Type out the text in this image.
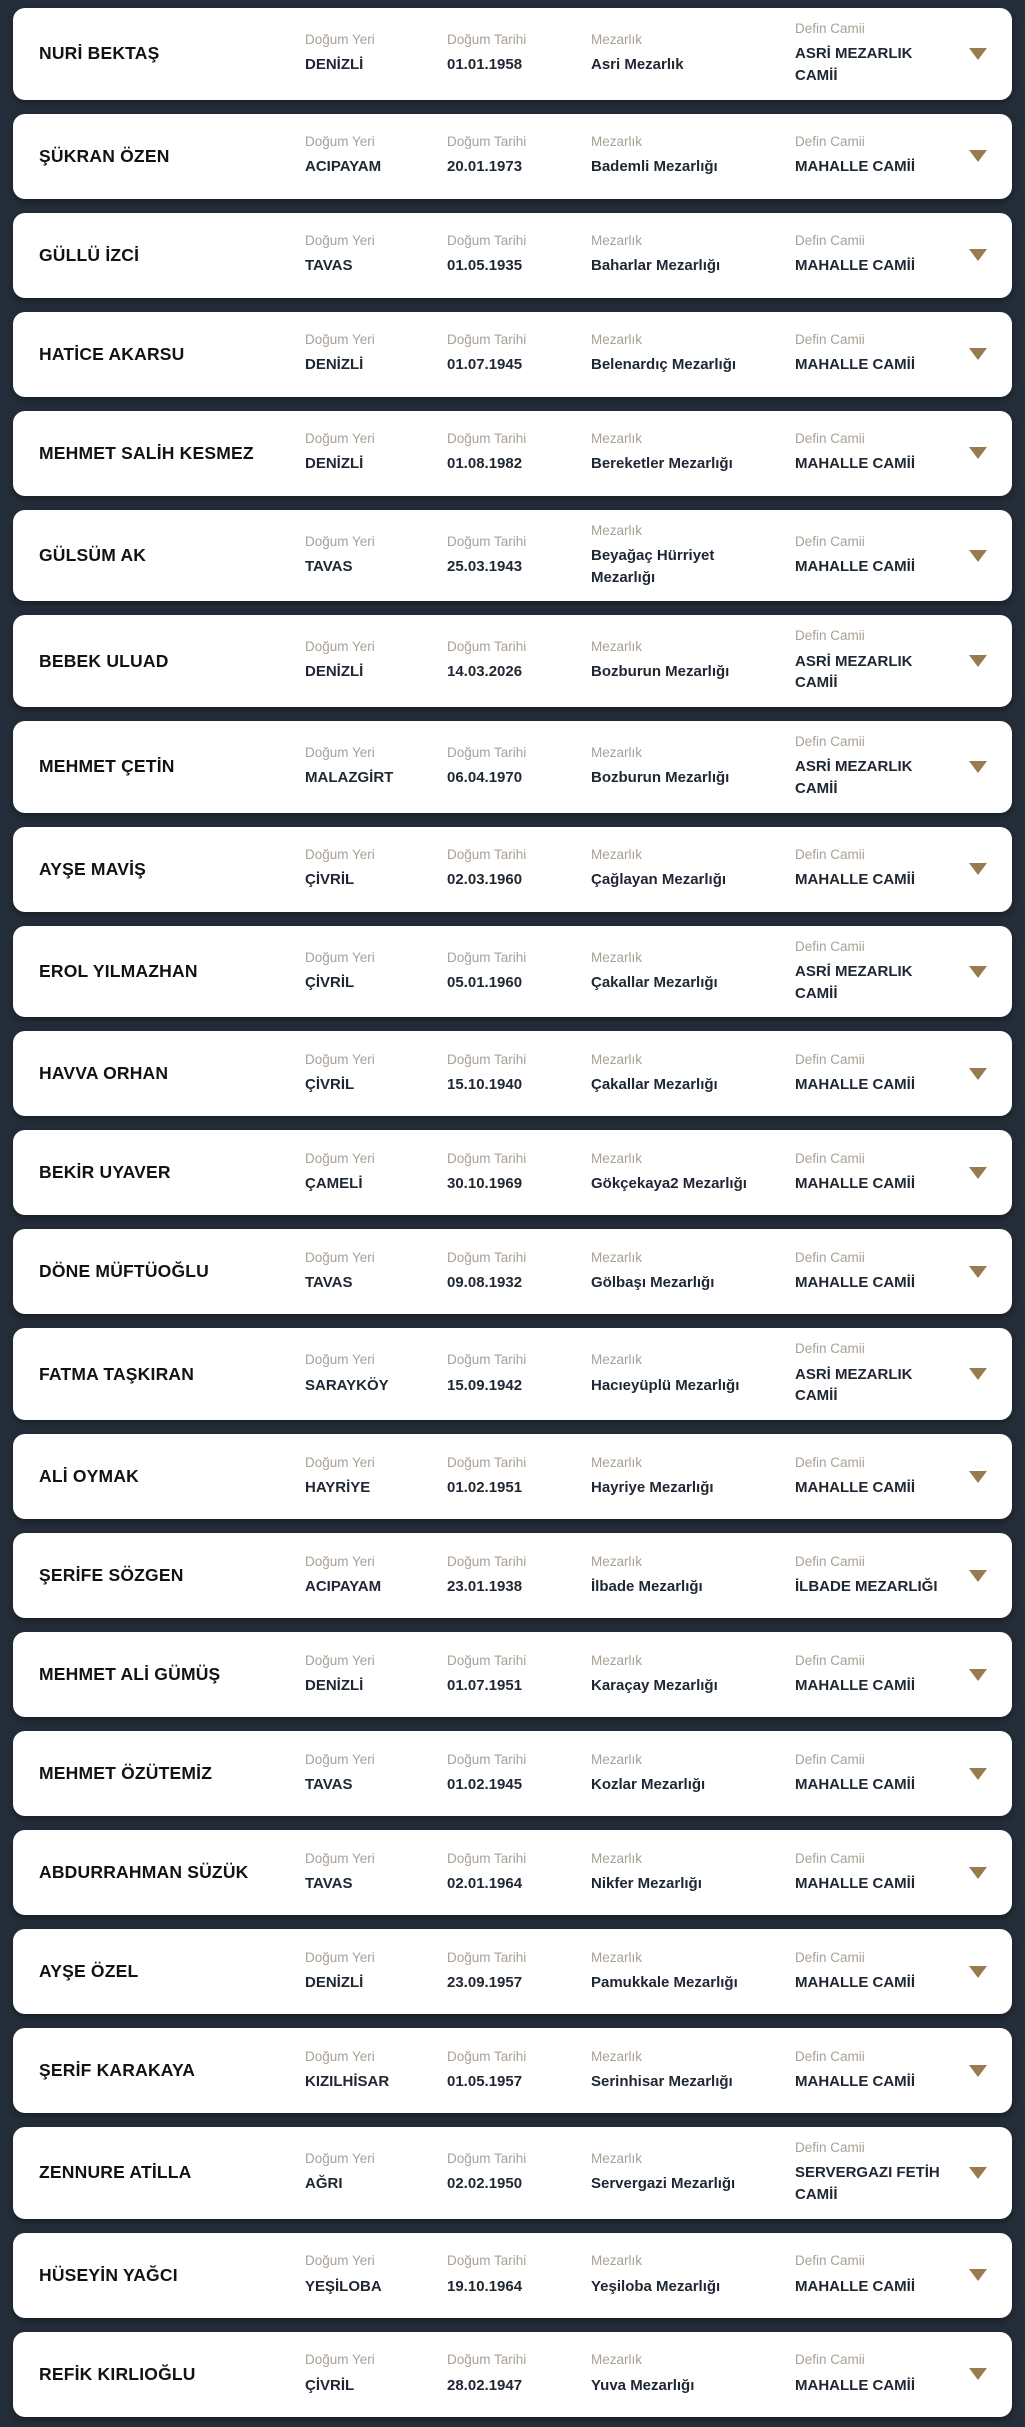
NURİ BEKTAŞ
Doğum Yeri
DENİZLİ
Doğum Tarihi
01.01.1958
Mezarlık
Asri Mezarlık
Defin Camii
ASRİ MEZARLIK CAMİİ
ŞÜKRAN ÖZEN
Doğum Yeri
ACIPAYAM
Doğum Tarihi
20.01.1973
Mezarlık
Bademli Mezarlığı
Defin Camii
MAHALLE CAMİİ
GÜLLÜ İZCİ
Doğum Yeri
TAVAS
Doğum Tarihi
01.05.1935
Mezarlık
Baharlar Mezarlığı
Defin Camii
MAHALLE CAMİİ
HATİCE AKARSU
Doğum Yeri
DENİZLİ
Doğum Tarihi
01.07.1945
Mezarlık
Belenardıç Mezarlığı
Defin Camii
MAHALLE CAMİİ
MEHMET SALİH KESMEZ
Doğum Yeri
DENİZLİ
Doğum Tarihi
01.08.1982
Mezarlık
Bereketler Mezarlığı
Defin Camii
MAHALLE CAMİİ
GÜLSÜM AK
Doğum Yeri
TAVAS
Doğum Tarihi
25.03.1943
Mezarlık
Beyağaç Hürriyet Mezarlığı
Defin Camii
MAHALLE CAMİİ
BEBEK ULUAD
Doğum Yeri
DENİZLİ
Doğum Tarihi
14.03.2026
Mezarlık
Bozburun Mezarlığı
Defin Camii
ASRİ MEZARLIK CAMİİ
MEHMET ÇETİN
Doğum Yeri
MALAZGİRT
Doğum Tarihi
06.04.1970
Mezarlık
Bozburun Mezarlığı
Defin Camii
ASRİ MEZARLIK CAMİİ
AYŞE MAVİŞ
Doğum Yeri
ÇİVRİL
Doğum Tarihi
02.03.1960
Mezarlık
Çağlayan Mezarlığı
Defin Camii
MAHALLE CAMİİ
EROL YILMAZHAN
Doğum Yeri
ÇİVRİL
Doğum Tarihi
05.01.1960
Mezarlık
Çakallar Mezarlığı
Defin Camii
ASRİ MEZARLIK CAMİİ
HAVVA ORHAN
Doğum Yeri
ÇİVRİL
Doğum Tarihi
15.10.1940
Mezarlık
Çakallar Mezarlığı
Defin Camii
MAHALLE CAMİİ
BEKİR UYAVER
Doğum Yeri
ÇAMELİ
Doğum Tarihi
30.10.1969
Mezarlık
Gökçekaya2 Mezarlığı
Defin Camii
MAHALLE CAMİİ
DÖNE MÜFTÜOĞLU
Doğum Yeri
TAVAS
Doğum Tarihi
09.08.1932
Mezarlık
Gölbaşı Mezarlığı
Defin Camii
MAHALLE CAMİİ
FATMA TAŞKIRAN
Doğum Yeri
SARAYKÖY
Doğum Tarihi
15.09.1942
Mezarlık
Hacıeyüplü Mezarlığı
Defin Camii
ASRİ MEZARLIK CAMİİ
ALİ OYMAK
Doğum Yeri
HAYRİYE
Doğum Tarihi
01.02.1951
Mezarlık
Hayriye Mezarlığı
Defin Camii
MAHALLE CAMİİ
ŞERİFE SÖZGEN
Doğum Yeri
ACIPAYAM
Doğum Tarihi
23.01.1938
Mezarlık
İlbade Mezarlığı
Defin Camii
İLBADE MEZARLIĞI
MEHMET ALİ GÜMÜŞ
Doğum Yeri
DENİZLİ
Doğum Tarihi
01.07.1951
Mezarlık
Karaçay Mezarlığı
Defin Camii
MAHALLE CAMİİ
MEHMET ÖZÜTEMİZ
Doğum Yeri
TAVAS
Doğum Tarihi
01.02.1945
Mezarlık
Kozlar Mezarlığı
Defin Camii
MAHALLE CAMİİ
ABDURRAHMAN SÜZÜK
Doğum Yeri
TAVAS
Doğum Tarihi
02.01.1964
Mezarlık
Nikfer Mezarlığı
Defin Camii
MAHALLE CAMİİ
AYŞE ÖZEL
Doğum Yeri
DENİZLİ
Doğum Tarihi
23.09.1957
Mezarlık
Pamukkale Mezarlığı
Defin Camii
MAHALLE CAMİİ
ŞERİF KARAKAYA
Doğum Yeri
KIZILHİSAR
Doğum Tarihi
01.05.1957
Mezarlık
Serinhisar Mezarlığı
Defin Camii
MAHALLE CAMİİ
ZENNURE ATİLLA
Doğum Yeri
AĞRI
Doğum Tarihi
02.02.1950
Mezarlık
Servergazi Mezarlığı
Defin Camii
SERVERGAZI FETİH CAMİİ
HÜSEYİN YAĞCI
Doğum Yeri
YEŞİLOBA
Doğum Tarihi
19.10.1964
Mezarlık
Yeşiloba Mezarlığı
Defin Camii
MAHALLE CAMİİ
REFİK KIRLIOĞLU
Doğum Yeri
ÇİVRİL
Doğum Tarihi
28.02.1947
Mezarlık
Yuva Mezarlığı
Defin Camii
MAHALLE CAMİİ
